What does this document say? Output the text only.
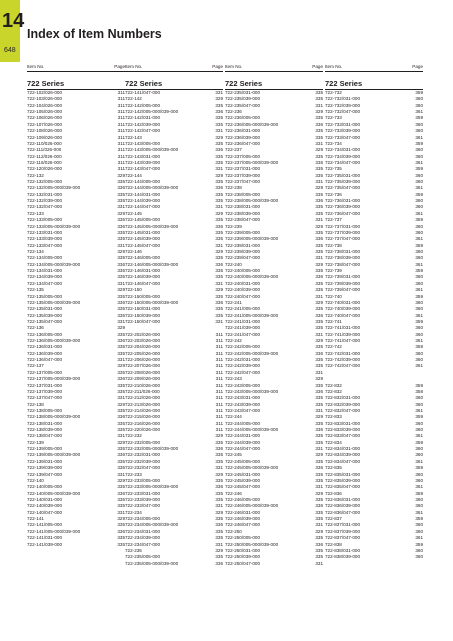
14
648
Index of Item Numbers
Item No.	Page
722 Series
722-102/026-000	311
722-103/026-000	311
722-104/026-000	311
722-105/026-000	311
722-106/026-000	311
722-107/026-000	311
722-108/026-000	311
722-109/026-000	311
722-110/026-000	311
722-111/026-000	311
722-112/026-000	311
722-116/026-000	311
722-120/026-000	311
722-132	329
722-132/005-000	335
722-132/005-000/039-000	336
722-132/031-000	335
722-132/039-000	335
722-132/047-000	331
722-133	329
722-133/005-000	335
722-133/005-000/039-000	336
722-133/031-000	335
722-133/039-000	335
722-133/047-000	331
722-134	329
722-134/005-000	335
722-134/005-000/039-000	336
722-134/031-000	335
722-134/039-000	335
722-134/047-000	331
722-135	329
722-135/005-000	335
722-135/005-000/039-000	336
722-135/031-000	335
722-135/039-000	335
722-135/047-000	331
722-136	329
722-136/005-000	335
722-136/005-000/039-000	336
722-136/031-000	335
722-136/039-000	335
722-136/047-000	331
722-137	329
722-137/005-000	335
722-137/005-000/039-000	336
722-137/031-000	335
722-137/039-000	335
722-137/047-000	331
722-138	329
722-138/005-000	335
722-138/005-000/039-000	336
722-138/031-000	335
722-138/039-000	335
722-138/047-000	331
722-139	329
722-139/005-000	335
722-139/005-000/039-000	336
722-139/031-000	335
722-139/039-000	335
722-139/047-000	331
722-140	329
722-140/005-000	335
722-140/005-000/039-000	336
722-140/031-000	335
722-140/039-000	335
722-140/047-000	331
722-141	329
722-141/005-000	335
722-141/005-000/039-000	336
722-141/031-000	335
722-141/039-000	335
Item No.	Page
722 Series
722-141/047-000	331
722-142	329
722-142/005-000	335
722-142/005-000/039-000	336
722-142/031-000	335
722-142/039-000	335
722-142/047-000	331
722-143	329
722-143/005-000	335
722-143/005-000/039-000	336
722-143/031-000	335
722-143/039-000	335
722-143/047-000	331
722-144	329
722-144/005-000	335
722-144/005-000/039-000	336
722-144/031-000	335
722-144/039-000	335
722-144/047-000	331
722-145	329
722-145/005-000	335
722-145/005-000/039-000	336
722-145/031-000	335
722-145/039-000	335
722-145/047-000	331
722-146	329
722-146/005-000	335
722-146/005-000/039-000	336
722-146/031-000	335
722-146/039-000	335
722-146/047-000	331
722-150	329
722-150/005-000	335
722-150/005-000/039-000	336
722-150/031-000	335
722-150/039-000	335
722-150/047-000	331
722-202/026-000	311
722-203/026-000	311
722-204/026-000	311
722-205/026-000	311
722-206/026-000	311
722-207/026-000	311
722-208/026-000	311
722-209/026-000	311
722-210/026-000	311
722-211/026-000	311
722-212/026-000	311
722-213/026-000	311
722-214/026-000	311
722-215/026-000	311
722-216/026-000	311
722-220/026-000	311
722-232	329
722-232/005-000	335
722-232/005-000/039-000	336
722-232/031-000	335
722-232/039-000	335
722-232/047-000	331
722-233	329
722-233/005-000	335
722-233/005-000/039-000	336
722-233/031-000	335
722-233/039-000	335
722-233/047-000	331
722-234	329
722-234/005-000	335
722-234/005-000/039-000	336
722-234/031-000	335
722-234/039-000	335
722-234/047-000	331
722-235	329
722-235/005-000	335
722-235/005-000/039-000	336
Item No.	Page
722 Series
722-235/031-000	335
722-235/039-000	335
722-235/047-000	331
722-236	329
722-236/005-000	335
722-236/005-000/039-000	336
722-236/031-000	335
722-236/039-000	335
722-236/047-000	331
722-237	329
722-237/005-000	335
722-237/005-000/039-000	336
722-237/031-000	335
722-237/039-000	335
722-237/047-000	331
722-238	329
722-238/005-000	335
722-238/005-000/039-000	336
722-238/031-000	335
722-238/039-000	335
722-238/047-000	331
722-239	329
722-239/005-000	335
722-239/005-000/039-000	336
722-239/031-000	335
722-239/039-000	335
722-239/047-000	331
722-240	329
722-240/005-000	335
722-240/005-000/039-000	336
722-240/031-000	335
722-240/039-000	335
722-240/047-000	331
722-241	329
722-241/005-000	335
722-241/005-000/039-000	336
722-241/031-000	335
722-241/039-000	335
722-241/047-000	331
722-242	329
722-242/005-000	335
722-242/005-000/039-000	336
722-242/031-000	335
722-242/039-000	335
722-242/047-000	331
722-243	329
722-243/005-000	335
722-243/005-000/039-000	336
722-243/031-000	335
722-243/039-000	335
722-243/047-000	331
722-244	329
722-244/005-000	335
722-244/005-000/039-000	336
722-244/031-000	335
722-244/039-000	335
722-244/047-000	331
722-245	329
722-245/005-000	335
722-245/005-000/039-000	336
722-245/031-000	335
722-245/039-000	335
722-245/047-000	331
722-246	329
722-246/005-000	335
722-246/005-000/039-000	336
722-246/031-000	335
722-246/039-000	335
722-246/047-000	331
722-250	329
722-250/005-000	335
722-250/005-000/039-000	336
722-250/031-000	335
722-250/039-000	335
722-250/047-000	331
Item No.	Page
722 Series
722-732	359
722-732/031-000	360
722-732/039-000	360
722-732/047-000	361
722-733	359
722-733/031-000	360
722-733/039-000	360
722-733/047-000	361
722-734	359
722-734/031-000	360
722-734/039-000	360
722-734/047-000	361
722-735	359
722-735/031-000	360
722-735/039-000	360
722-735/047-000	361
722-736	359
722-736/031-000	360
722-736/039-000	360
722-736/047-000	361
722-737	359
722-737/031-000	360
722-737/039-000	360
722-737/047-000	361
722-738	359
722-738/031-000	360
722-738/039-000	360
722-738/047-000	361
722-739	359
722-739/031-000	360
722-739/039-000	360
722-739/047-000	361
722-740	359
722-740/031-000	360
722-740/039-000	360
722-740/047-000	361
722-741	359
722-741/031-000	360
722-741/039-000	360
722-741/047-000	361
722-742	359
722-742/031-000	360
722-742/039-000	360
722-742/047-000	361
722-832	359
722-832	358
722-832/031-000	360
722-832/039-000	360
722-832/047-000	361
722-833	359
722-833/031-000	360
722-833/039-000	360
722-833/047-000	361
722-834	359
722-834/031-000	360
722-834/039-000	360
722-834/047-000	361
722-835	359
722-835/031-000	360
722-835/039-000	360
722-835/047-000	361
722-836	359
722-836/031-000	360
722-836/039-000	360
722-836/047-000	361
722-837	359
722-837/031-000	360
722-837/039-000	360
722-837/047-000	361
722-838	359
722-838/031-000	360
722-838/039-000	360
